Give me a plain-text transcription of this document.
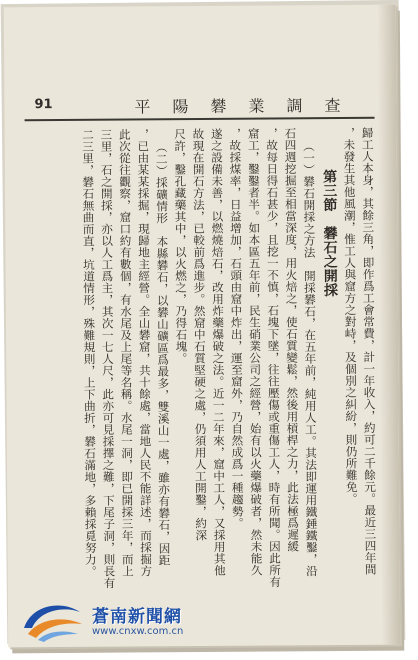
91	平陽礬業調查
歸工人本身，其餘三角，即作爲工會常費，計一年收入，約可二千餘元。最近三四年間
，未發生其他風潮，惟工人與窟方之對峙，及個別之糾紛，則仍所難免。
第三節　礬石之開採
（一）礬石開採之方法　開採礬石，在五年前，純用人工。其法即運用鐵錘鐵鑿，沿
石四週挖掘至相當深度，用火焙之，使石質變鬆，然後用槓桿之力，此法極爲遲緩
，故每日得石甚少，且挖一不慎，石塊下墜，往往壓傷或重傷工人，時有所聞。因此所有
窟工，鑿鑿者半。如本區五年前，民生硝業公司之經營，始有以火藥爆破者，然未能久
，故採煤率，日益增加，石頭由窟中炸出，運至窟外，乃自然成爲一種趨勢。
遂之設備未善，以燃燒焙石，改用炸藥爆破之法。近一二年來，窟中工人，又採用其他
故現在開石方法，已較前爲進步。然窟中石質堅硬之處，仍須用人工開鑿，約深
尺許，鑿孔藏藥其中，以火燃之，乃得石塊。
（二）採礦情形　本縣礬石，以礬山礦區爲最多，雙溪山一處，雖亦有礬石，因距
，已由某某採掘，現歸地主經營。全山礬窟，共十餘處，當地人民不能詳述，而採掘方
此次從往觀察，窟口約有數個，有水尾及上尾等名稱。水尾一洞，即已開採三年，而上
三里，石之開採，亦以人工爲主，其次一七人尺，此亦可見採擇之難，下尾子洞，則長有
二三里，礬石無曲而直，坑道情形，殊難規則，上下曲折，礬石滿地，多賴採覓努力。
蒼南新聞網
www.cnxw.com.cn
